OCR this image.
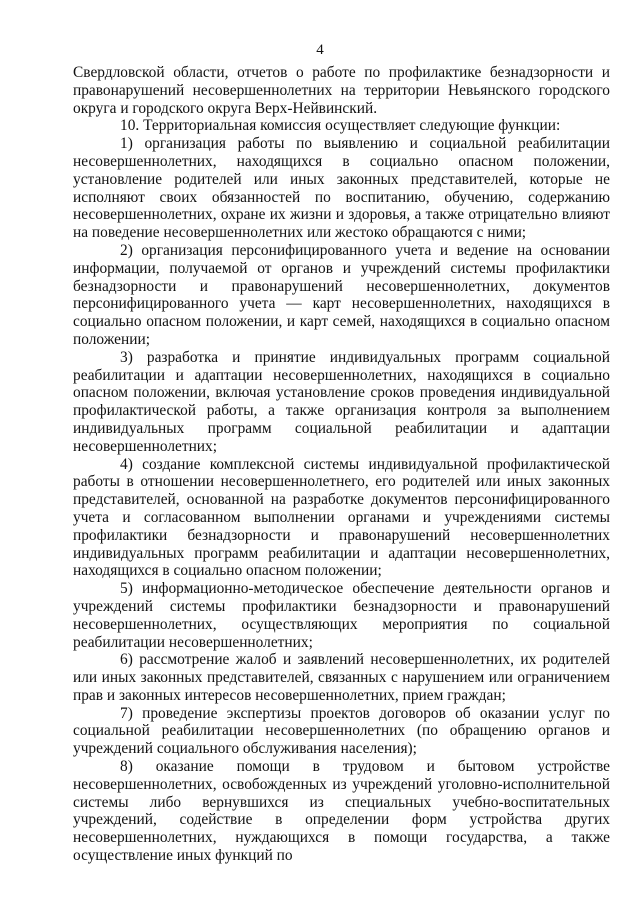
4

Свердловской области, отчетов о работе по профилактике безнадзорности и правонарушений несовершеннолетних на территории Невьянского городского округа и городского округа Верх-Нейвинский.

10. Территориальная комиссия осуществляет следующие функции:

1) организация работы по выявлению и социальной реабилитации несовершеннолетних, находящихся в социально опасном положении, установление родителей или иных законных представителей, которые не исполняют своих обязанностей по воспитанию, обучению, содержанию несовершеннолетних, охране их жизни и здоровья, а также отрицательно влияют на поведение несовершеннолетних или жестоко обращаются с ними;

2) организация персонифицированного учета и ведение на основании информации, получаемой от органов и учреждений системы профилактики безнадзорности и правонарушений несовершеннолетних, документов персонифицированного учета — карт несовершеннолетних, находящихся в социально опасном положении, и карт семей, находящихся в социально опасном положении;

3) разработка и принятие индивидуальных программ социальной реабилитации и адаптации несовершеннолетних, находящихся в социально опасном положении, включая установление сроков проведения индивидуальной профилактической работы, а также организация контроля за выполнением индивидуальных программ социальной реабилитации и адаптации несовершеннолетних;

4) создание комплексной системы индивидуальной профилактической работы в отношении несовершеннолетнего, его родителей или иных законных представителей, основанной на разработке документов персонифицированного учета и согласованном выполнении органами и учреждениями системы профилактики безнадзорности и правонарушений несовершеннолетних индивидуальных программ реабилитации и адаптации несовершеннолетних, находящихся в социально опасном положении;

5) информационно-методическое обеспечение деятельности органов и учреждений системы профилактики безнадзорности и правонарушений несовершеннолетних, осуществляющих мероприятия по социальной реабилитации несовершеннолетних;

6) рассмотрение жалоб и заявлений несовершеннолетних, их родителей или иных законных представителей, связанных с нарушением или ограничением прав и законных интересов несовершеннолетних, прием граждан;

7) проведение экспертизы проектов договоров об оказании услуг по социальной реабилитации несовершеннолетних (по обращению органов и учреждений социального обслуживания населения);

8) оказание помощи в трудовом и бытовом устройстве несовершеннолетних, освобожденных из учреждений уголовно-исполнительной системы либо вернувшихся из специальных учебно-воспитательных учреждений, содействие в определении форм устройства других несовершеннолетних, нуждающихся в помощи государства, а также осуществление иных функций по
